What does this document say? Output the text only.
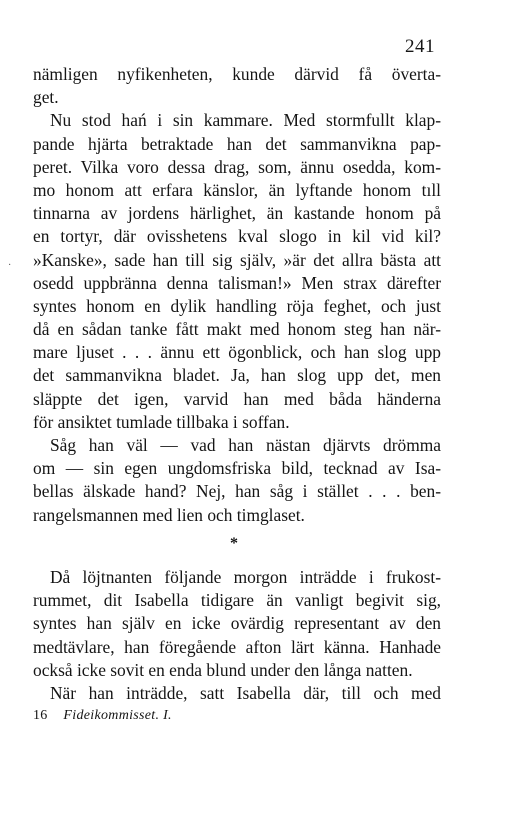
241
·
nämligen nyfikenheten, kunde därvid få överta-
get.
Nu stod hań i sin kammare. Med stormfullt klap-
pande hjärta betraktade han det sammanvikna pap-
peret. Vilka voro dessa drag, som, ännu osedda, kom-
mo honom att erfara känslor, än lyftande honom tıll
tinnarna av jordens härlighet, än kastande honom på
en tortyr, där ovisshetens kval slogo in kil vid kil?
»Kanske», sade han till sig själv, »är det allra bästa att
osedd uppbränna denna talisman!» Men strax därefter
syntes honom en dylik handling röja feghet, och just
då en sådan tanke fått makt med honom steg han när-
mare ljuset . . . ännu ett ögonblick, och han slog upp
det sammanvikna bladet. Ja, han slog upp det, men
släppte det igen, varvid han med båda händerna
för ansiktet tumlade tillbaka i soffan.
Såg han väl — vad han nästan djärvts drömma
om — sin egen ungdomsfriska bild, tecknad av Isa-
bellas älskade hand? Nej, han såg i stället . . . ben-
rangelsmannen med lien och timglaset.
*
Då löjtnanten följande morgon inträdde i frukost-
rummet, dit Isabella tidigare än vanligt begivit sig,
syntes han själv en icke ovärdig representant av den
medtävlare, han föregående afton lärt känna. Hanhade
också icke sovit en enda blund under den långa natten.
När han inträdde, satt Isabella där, till och med
16 Fideikommisset. I.
